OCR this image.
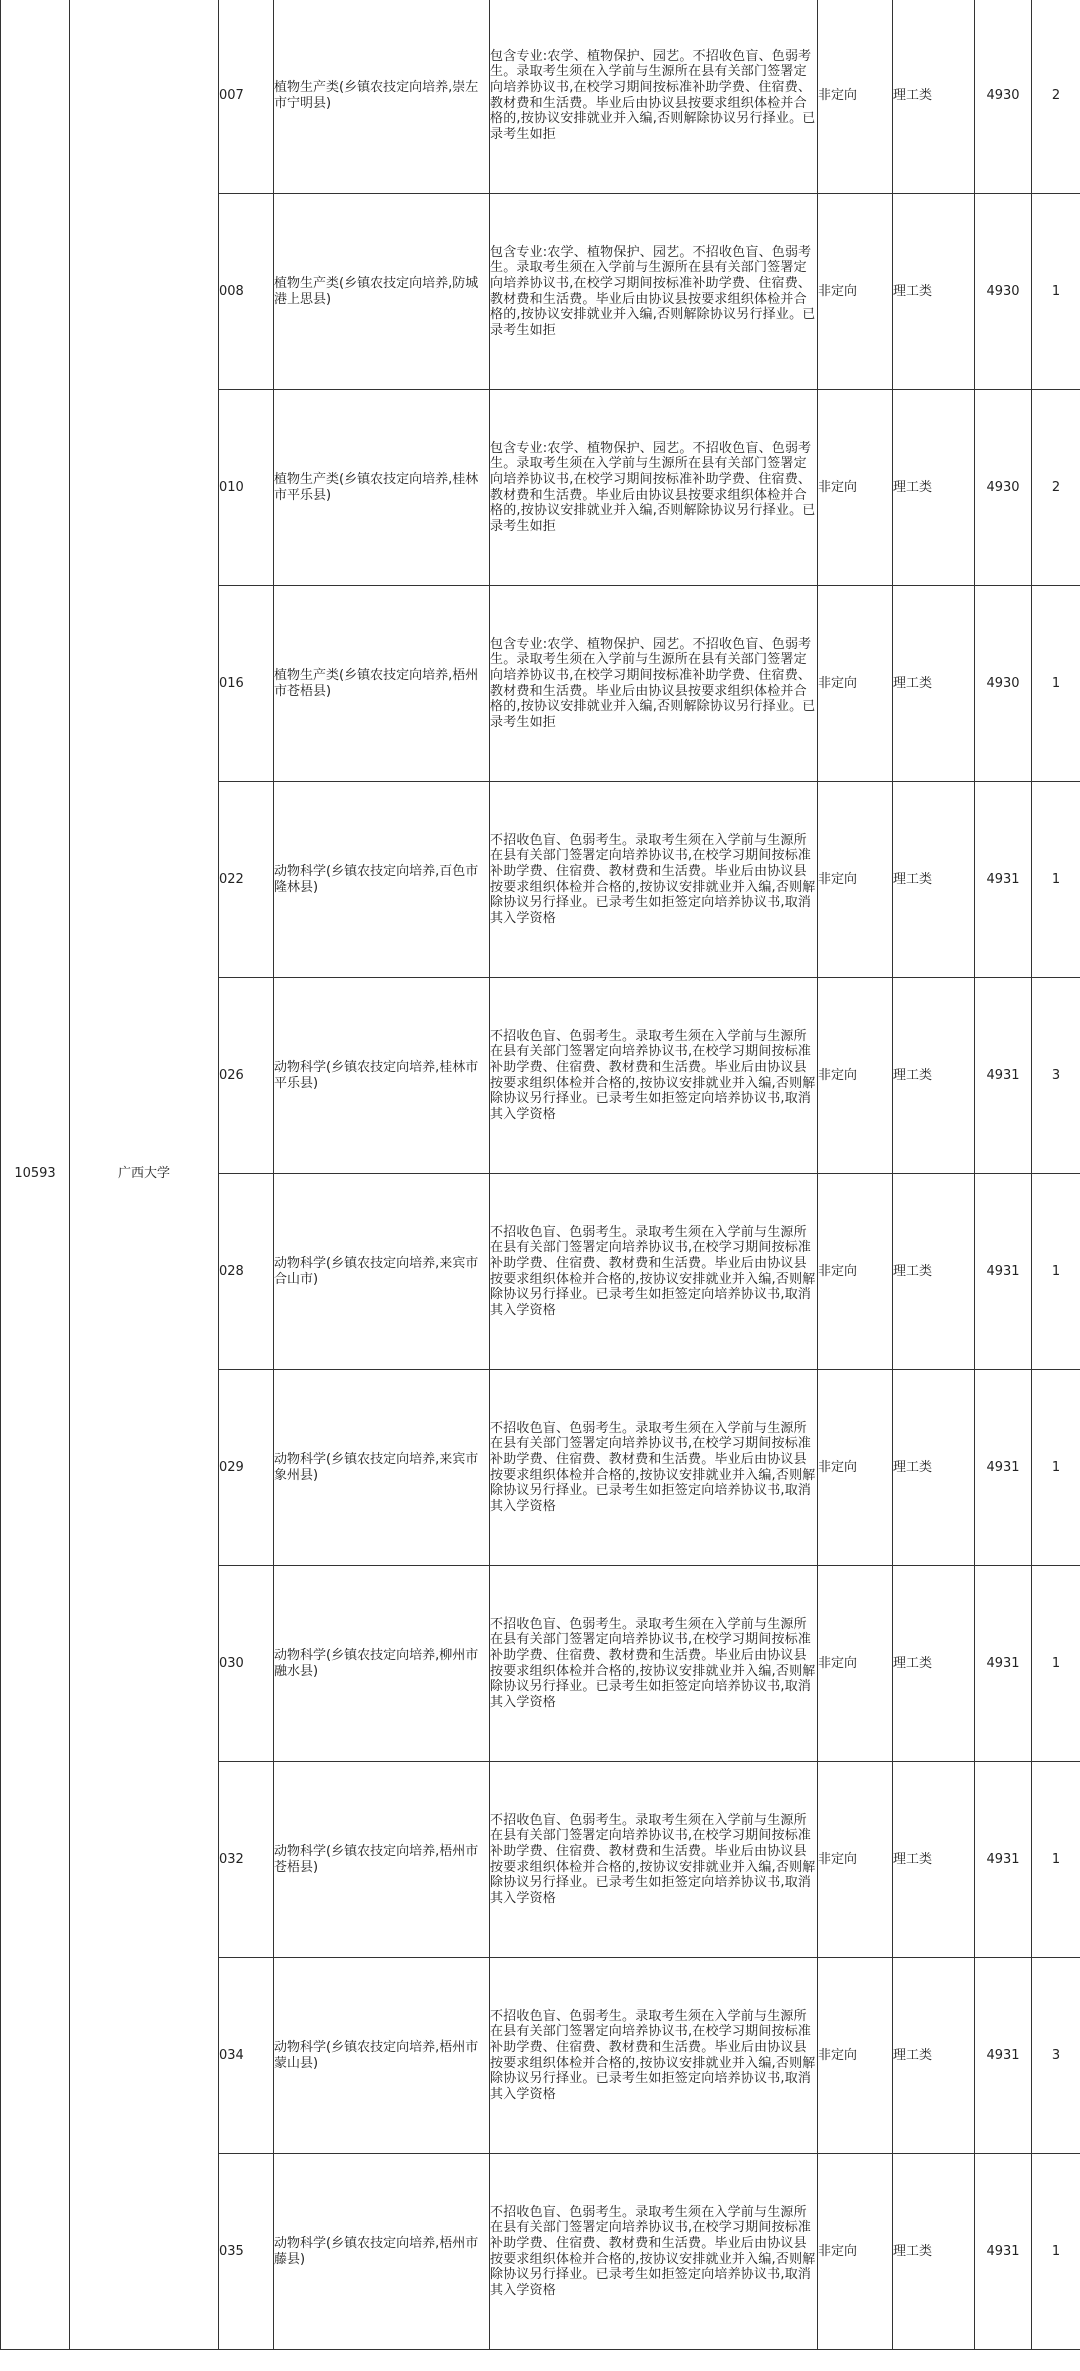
10593	广西大学	007	植物生产类(乡镇农技定向培养,崇左市宁明县)	包含专业:农学、植物保护、园艺。不招收色盲、色弱考生。录取考生须在入学前与生源所在县有关部门签署定向培养协议书,在校学习期间按标准补助学费、住宿费、教材费和生活费。毕业后由协议县按要求组织体检并合格的,按协议安排就业并入编,否则解除协议另行择业。已录考生如拒	非定向	理工类	4930	2
		008	植物生产类(乡镇农技定向培养,防城港上思县)	包含专业:农学、植物保护、园艺。不招收色盲、色弱考生。录取考生须在入学前与生源所在县有关部门签署定向培养协议书,在校学习期间按标准补助学费、住宿费、教材费和生活费。毕业后由协议县按要求组织体检并合格的,按协议安排就业并入编,否则解除协议另行择业。已录考生如拒	非定向	理工类	4930	1
		010	植物生产类(乡镇农技定向培养,桂林市平乐县)	包含专业:农学、植物保护、园艺。不招收色盲、色弱考生。录取考生须在入学前与生源所在县有关部门签署定向培养协议书,在校学习期间按标准补助学费、住宿费、教材费和生活费。毕业后由协议县按要求组织体检并合格的,按协议安排就业并入编,否则解除协议另行择业。已录考生如拒	非定向	理工类	4930	2
		016	植物生产类(乡镇农技定向培养,梧州市苍梧县)	包含专业:农学、植物保护、园艺。不招收色盲、色弱考生。录取考生须在入学前与生源所在县有关部门签署定向培养协议书,在校学习期间按标准补助学费、住宿费、教材费和生活费。毕业后由协议县按要求组织体检并合格的,按协议安排就业并入编,否则解除协议另行择业。已录考生如拒	非定向	理工类	4930	1
		022	动物科学(乡镇农技定向培养,百色市隆林县)	不招收色盲、色弱考生。录取考生须在入学前与生源所在县有关部门签署定向培养协议书,在校学习期间按标准补助学费、住宿费、教材费和生活费。毕业后由协议县按要求组织体检并合格的,按协议安排就业并入编,否则解除协议另行择业。已录考生如拒签定向培养协议书,取消其入学资格	非定向	理工类	4931	1
		026	动物科学(乡镇农技定向培养,桂林市平乐县)	不招收色盲、色弱考生。录取考生须在入学前与生源所在县有关部门签署定向培养协议书,在校学习期间按标准补助学费、住宿费、教材费和生活费。毕业后由协议县按要求组织体检并合格的,按协议安排就业并入编,否则解除协议另行择业。已录考生如拒签定向培养协议书,取消其入学资格	非定向	理工类	4931	3
		028	动物科学(乡镇农技定向培养,来宾市合山市)	不招收色盲、色弱考生。录取考生须在入学前与生源所在县有关部门签署定向培养协议书,在校学习期间按标准补助学费、住宿费、教材费和生活费。毕业后由协议县按要求组织体检并合格的,按协议安排就业并入编,否则解除协议另行择业。已录考生如拒签定向培养协议书,取消其入学资格	非定向	理工类	4931	1
		029	动物科学(乡镇农技定向培养,来宾市象州县)	不招收色盲、色弱考生。录取考生须在入学前与生源所在县有关部门签署定向培养协议书,在校学习期间按标准补助学费、住宿费、教材费和生活费。毕业后由协议县按要求组织体检并合格的,按协议安排就业并入编,否则解除协议另行择业。已录考生如拒签定向培养协议书,取消其入学资格	非定向	理工类	4931	1
		030	动物科学(乡镇农技定向培养,柳州市融水县)	不招收色盲、色弱考生。录取考生须在入学前与生源所在县有关部门签署定向培养协议书,在校学习期间按标准补助学费、住宿费、教材费和生活费。毕业后由协议县按要求组织体检并合格的,按协议安排就业并入编,否则解除协议另行择业。已录考生如拒签定向培养协议书,取消其入学资格	非定向	理工类	4931	1
		032	动物科学(乡镇农技定向培养,梧州市苍梧县)	不招收色盲、色弱考生。录取考生须在入学前与生源所在县有关部门签署定向培养协议书,在校学习期间按标准补助学费、住宿费、教材费和生活费。毕业后由协议县按要求组织体检并合格的,按协议安排就业并入编,否则解除协议另行择业。已录考生如拒签定向培养协议书,取消其入学资格	非定向	理工类	4931	1
		034	动物科学(乡镇农技定向培养,梧州市蒙山县)	不招收色盲、色弱考生。录取考生须在入学前与生源所在县有关部门签署定向培养协议书,在校学习期间按标准补助学费、住宿费、教材费和生活费。毕业后由协议县按要求组织体检并合格的,按协议安排就业并入编,否则解除协议另行择业。已录考生如拒签定向培养协议书,取消其入学资格	非定向	理工类	4931	3
		035	动物科学(乡镇农技定向培养,梧州市藤县)	不招收色盲、色弱考生。录取考生须在入学前与生源所在县有关部门签署定向培养协议书,在校学习期间按标准补助学费、住宿费、教材费和生活费。毕业后由协议县按要求组织体检并合格的,按协议安排就业并入编,否则解除协议另行择业。已录考生如拒签定向培养协议书,取消其入学资格	非定向	理工类	4931	1
